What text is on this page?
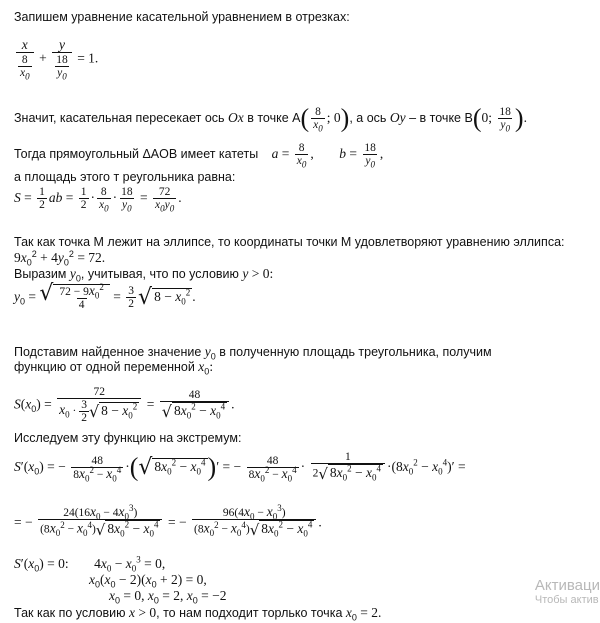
Запишем уравнение касательной уравнением в отрезках:
$\frac{x}{\frac{8}{x_0}} + \frac{y}{\frac{18}{y_0}} = 1$.
Значит, касательная пересекает ось Ox в точке $A( \frac{8}{x_0}$ ; 0), а ось Oy – в точке B(0; $\frac{18}{y_0}$ ).
Тогда прямоугольный ΔAOB имеет катеты $a = \frac{8}{x_0}$ , $b = \frac{18}{y_0}$ ,
а площадь этого т реугольника равна:
$S = \frac{1}{2}$ ab = $\frac{1}{2} \cdot \frac{8}{x_0} \cdot \frac{18}{y_0} = \frac{72}{x_0y_0}$ .
Так как точка M лежит на эллипсе, то координаты точки M удовлетворяют уравнению эллипса:
$9x_0^2 + 4y_0^2 = 72$.
Выразим $y_0$, учитывая, что по условию y > 0:
$y_0$ = √ $\frac{72 - 9x_0^2}{4} = \frac{3}{2}$ √ $8 - x_0^2$ .
Подставим найденное значение $y_0$ в полученную площадь треугольника, получим
функцию от одной переменной $x_0$:
$S(x_0) = \frac{72}{x_0 \cdot \frac{3}{2} √ 8 - x_0^2} = \frac{48}{√ 8x_0^2 - x_0^4}$ .
Исследуем эту функцию на экстремум:
$S'(x_0)$ = − $\frac{48}{8x_0^2 - x_0^4}$ ·( √ $8x_0^2 - x_0^4$ )′ = − $\frac{48}{8x_0^2 - x_0^4} \cdot \frac{1}{2 √ 8x_0^2 - x_0^4} \cdot(8x_0^2 - x_0^4)'$ =
= − $\frac{24(16x_0 - 4x_0^3)}{(8x_0^2 - x_0^4) √ 8x_0^2 - x_0^4}$ = − $\frac{96(4x_0 - x_0^3)}{(8x_0^2 - x_0^4) √ 8x_0^2 - x_0^4}$ .
$S'(x_0) = 0$: $4x_0 - x_0^3 = 0$,
$x_0(x_0 - 2)(x_0 + 2) = 0$,
$x_0 = 0$, $x_0 = 2$, $x_0 = -2$
Так как по условию x > 0, то нам подходит торлько точка $x_0 = 2$.
Активаци
Чтобы актив
